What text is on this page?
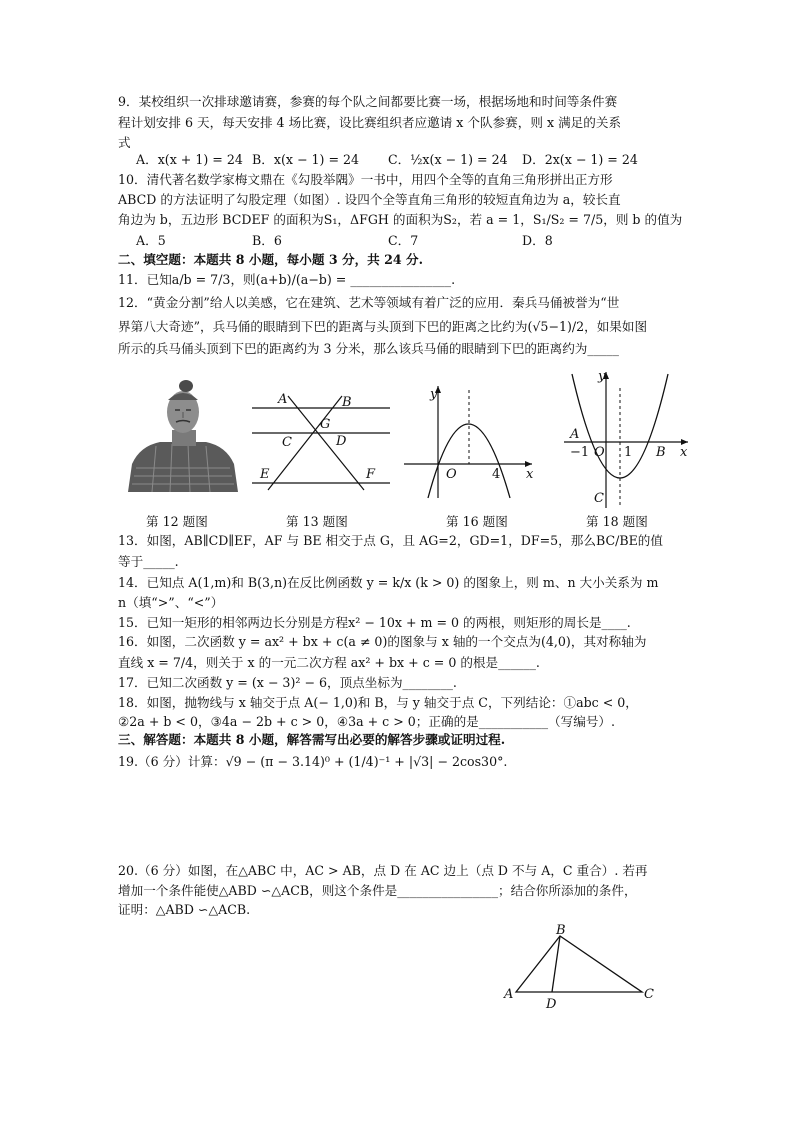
9．某校组织一次排球邀请赛，参赛的每个队之间都要比赛一场，根据场地和时间等条件赛
程计划安排 6 天，每天安排 4 场比赛，设比赛组织者应邀请 x 个队参赛，则 x 满足的关系
式
A．x(x + 1) = 24 B．x(x − 1) = 24 C．½x(x − 1) = 24 D．2x(x − 1) = 24
10．清代著名数学家梅文鼎在《勾股举隅》一书中，用四个全等的直角三角形拼出正方形
ABCD 的方法证明了勾股定理（如图）. 设四个全等直角三角形的较短直角边为 a，较长直
角边为 b，五边形 BCDEF 的面积为S₁，ΔFGH 的面积为S₂，若 a = 1，S₁/S₂ = 7/5，则 b 的值为
A．5	B．6	C．7	D．8
二、填空题：本题共 8 小题，每小题 3 分，共 24 分.
11．已知a/b = 7/3，则(a+b)/(a−b) = ________________.
12．“黄金分割”给人以美感，它在建筑、艺术等领域有着广泛的应用．秦兵马俑被誉为“世
界第八大奇迹”，兵马俑的眼睛到下巴的距离与头顶到下巴的距离之比约为(√5−1)/2，如果如图
所示的兵马俑头顶到下巴的距离约为 3 分米，那么该兵马俑的眼睛到下巴的距离约为_____
A	B
G
C	D
E	F
y
O	4 x
y
A
−1 O 1 B x
C
第 12 题图	第 13 题图	第 16 题图	第 18 题图
13．如图，AB∥CD∥EF，AF 与 BE 相交于点 G，且 AG=2，GD=1，DF=5，那么BC/BE的值
等于_____.
14．已知点 A(1,m)和 B(3,n)在反比例函数 y = k/x (k > 0) 的图象上，则 m、n 大小关系为 m
n（填“>”、“<”）
15．已知一矩形的相邻两边长分别是方程x² − 10x + m = 0 的两根，则矩形的周长是____.
16．如图，二次函数 y = ax² + bx + c(a ≠ 0)的图象与 x 轴的一个交点为(4,0)，其对称轴为
直线 x = 7/4，则关于 x 的一元二次方程 ax² + bx + c = 0 的根是______.
17．已知二次函数 y = (x − 3)² − 6，顶点坐标为________.
18．如图，抛物线与 x 轴交于点 A(− 1,0)和 B，与 y 轴交于点 C，下列结论：①abc < 0，
②2a + b < 0，③4a − 2b + c > 0，④3a + c > 0；正确的是___________（写编号）.
三、解答题：本题共 8 小题，解答需写出必要的解答步骤或证明过程.
19.（6 分）计算：√9 − (π − 3.14)⁰ + (1/4)⁻¹ + |√3| − 2cos30°.
20.（6 分）如图，在△ABC 中，AC > AB，点 D 在 AC 边上（点 D 不与 A，C 重合）. 若再
增加一个条件能使△ABD ∽△ACB，则这个条件是________________；结合你所添加的条件，
证明：△ABD ∽△ACB.
A
B
C
D
